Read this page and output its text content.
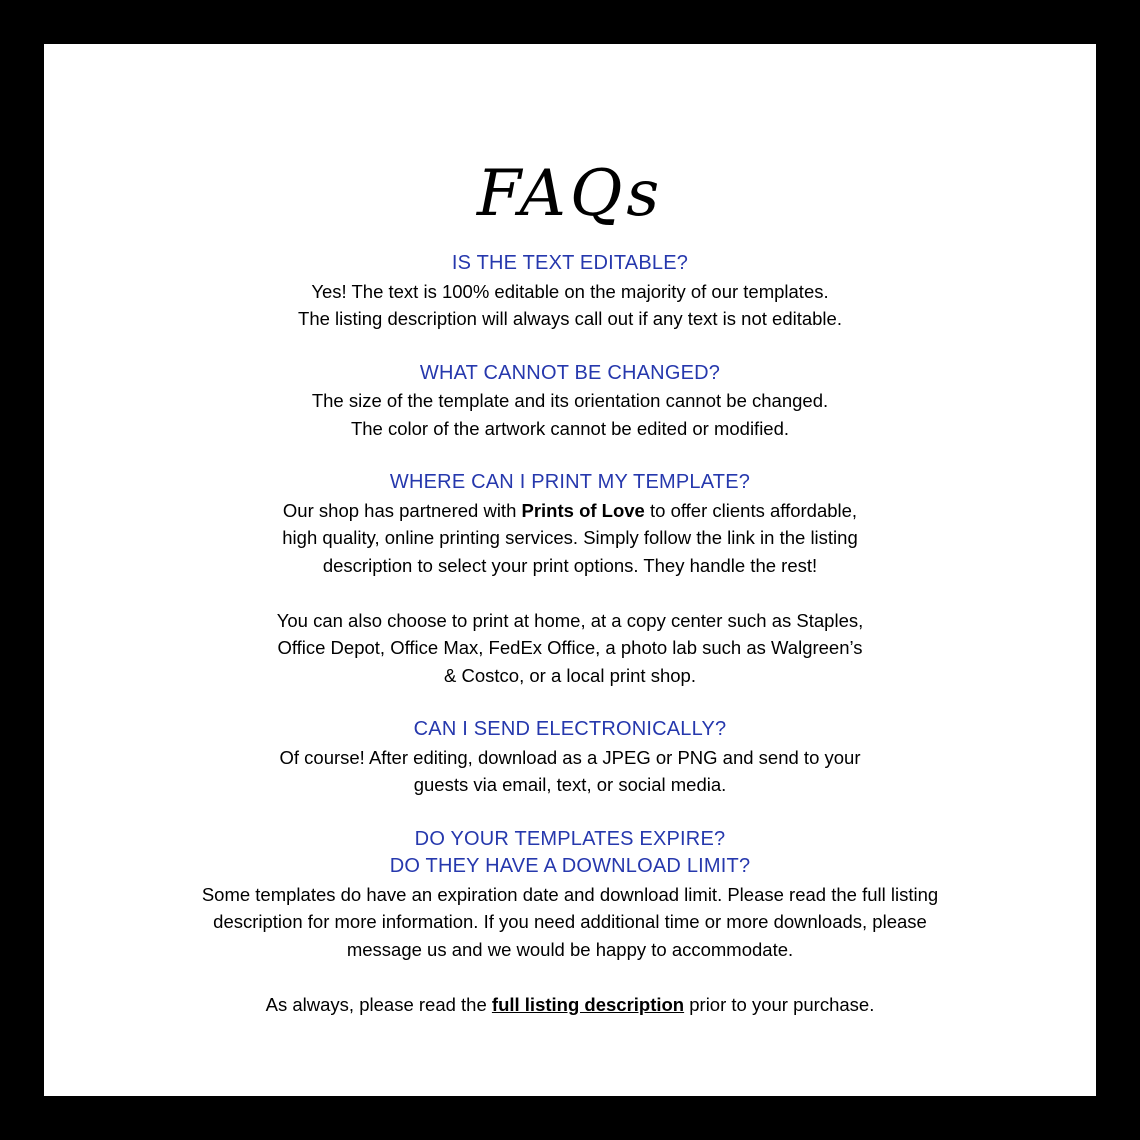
FAQs

IS THE TEXT EDITABLE?

Yes! The text is 100% editable on the majority of our templates.

The listing description will always call out if any text is not editable.

WHAT CANNOT BE CHANGED?

The size of the template and its orientation cannot be changed.

The color of the artwork cannot be edited or modified.

WHERE CAN I PRINT MY TEMPLATE?

Our shop has partnered with Prints of Love to offer clients affordable,

high quality, online printing services. Simply follow the link in the listing

description to select your print options. They handle the rest!

You can also choose to print at home, at a copy center such as Staples,

Office Depot, Office Max, FedEx Office, a photo lab such as Walgreen’s

& Costco, or a local print shop.

CAN I SEND ELECTRONICALLY?

Of course! After editing, download as a JPEG or PNG and send to your

guests via email, text, or social media.

DO YOUR TEMPLATES EXPIRE?

DO THEY HAVE A DOWNLOAD LIMIT?

Some templates do have an expiration date and download limit. Please read the full listing

description for more information. If you need additional time or more downloads, please

message us and we would be happy to accommodate.

As always, please read the full listing description prior to your purchase.
